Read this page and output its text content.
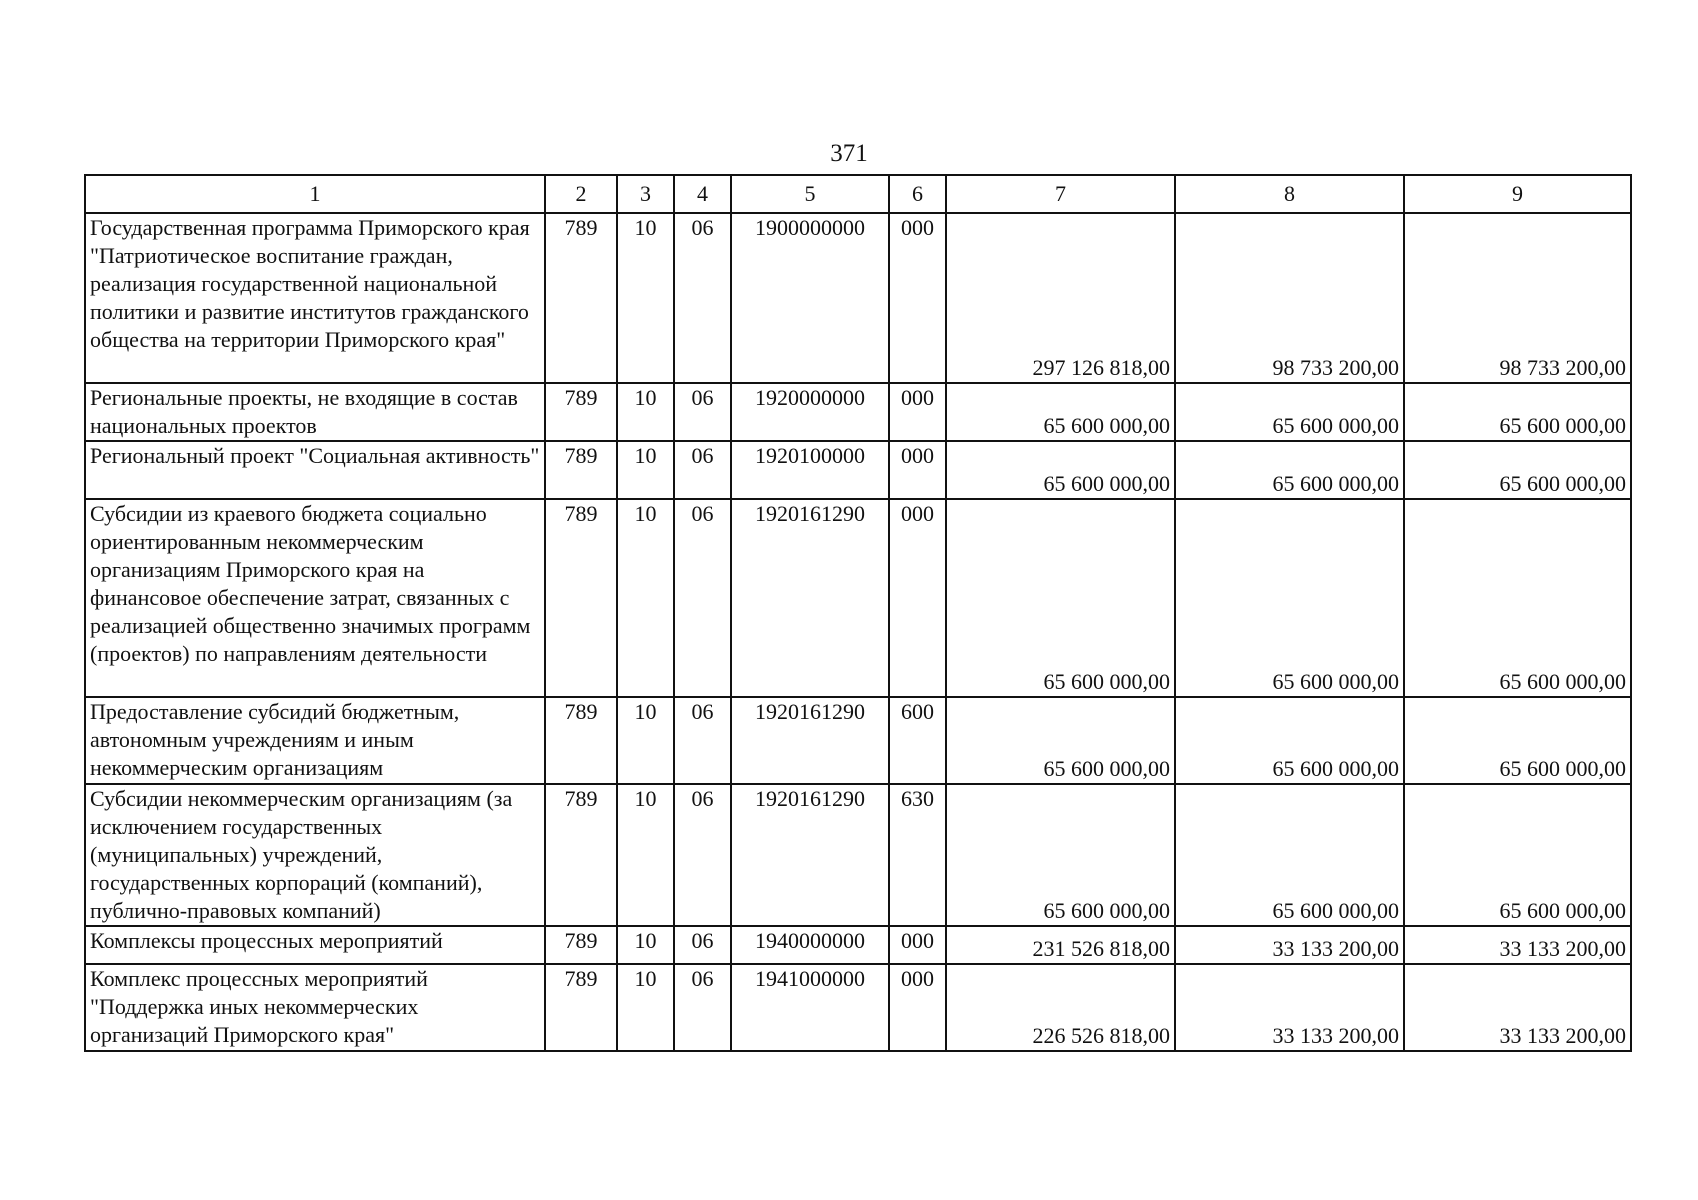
371
1	2	3	4	5	6	7	8	9
Государственная программа Приморского края "Патриотическое воспитание граждан, реализация государственной национальной политики и развитие институтов гражданского общества на территории Приморского края"	789	10	06	1900000000	000	297 126 818,00	98 733 200,00	98 733 200,00
Региональные проекты, не входящие в состав национальных проектов	789	10	06	1920000000	000	65 600 000,00	65 600 000,00	65 600 000,00
Региональный проект "Социальная активность"	789	10	06	1920100000	000	65 600 000,00	65 600 000,00	65 600 000,00
Субсидии из краевого бюджета социально ориентированным некоммерческим организациям Приморского края на финансовое обеспечение затрат, связанных с реализацией общественно значимых программ (проектов) по направлениям деятельности	789	10	06	1920161290	000	65 600 000,00	65 600 000,00	65 600 000,00
Предоставление субсидий бюджетным, автономным учреждениям и иным некоммерческим организациям	789	10	06	1920161290	600	65 600 000,00	65 600 000,00	65 600 000,00
Субсидии некоммерческим организациям (за исключением государственных (муниципальных) учреждений, государственных корпораций (компаний), публично-правовых компаний)	789	10	06	1920161290	630	65 600 000,00	65 600 000,00	65 600 000,00
Комплексы процессных мероприятий	789	10	06	1940000000	000	231 526 818,00	33 133 200,00	33 133 200,00
Комплекс процессных мероприятий "Поддержка иных некоммерческих организаций Приморского края"	789	10	06	1941000000	000	226 526 818,00	33 133 200,00	33 133 200,00
